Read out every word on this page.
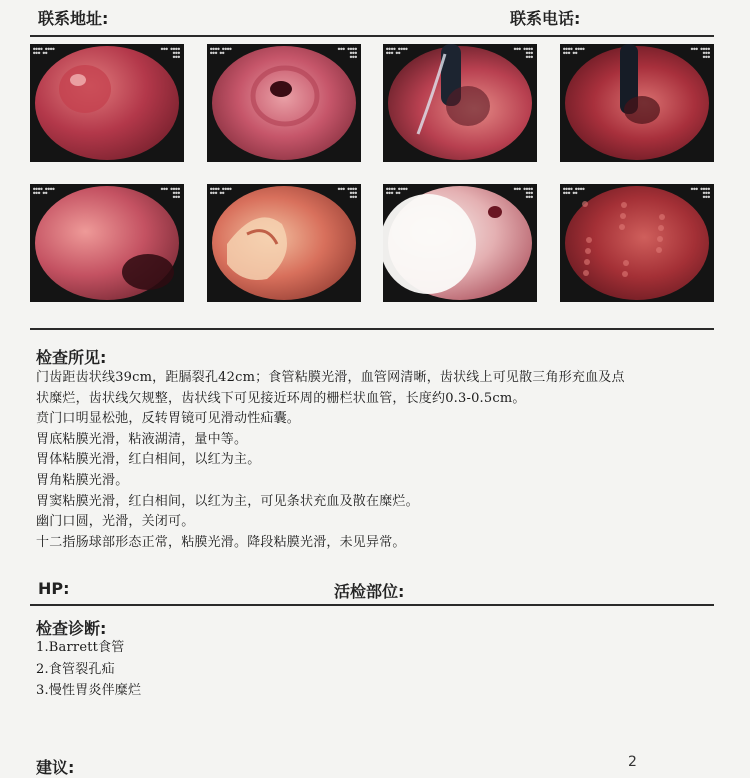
联系地址:	联系电话:
●●●● ●●●●
●●● ●●
●●● ●●●●
●●●
●●●
●●●● ●●●●
●●● ●●
●●● ●●●●
●●●
●●●
●●●● ●●●●
●●● ●●
●●● ●●●●
●●●
●●●
●●●● ●●●●
●●● ●●
●●● ●●●●
●●●
●●●
●●●● ●●●●
●●● ●●
●●● ●●●●
●●●
●●●
●●●● ●●●●
●●● ●●
●●● ●●●●
●●●
●●●
●●●● ●●●●
●●● ●●
●●● ●●●●
●●●
●●●
●●●● ●●●●
●●● ●●
●●● ●●●●
●●●
●●●
检查所见:
门齿距齿状线39cm，距膈裂孔42cm；食管粘膜光滑，血管网清晰，齿状线上可见散三角形充血及点
状糜烂，齿状线欠规整，齿状线下可见接近环周的栅栏状血管，长度约0.3-0.5cm。
贲门口明显松弛，反转胃镜可见滑动性疝囊。
胃底粘膜光滑，粘液湖清，量中等。
胃体粘膜光滑，红白相间，以红为主。
胃角粘膜光滑。
胃窦粘膜光滑，红白相间，以红为主，可见条状充血及散在糜烂。
幽门口圆，光滑，关闭可。
十二指肠球部形态正常，粘膜光滑。降段粘膜光滑，未见异常。
HP:	活检部位:
检查诊断:
1.Barrett食管
2.食管裂孔疝
3.慢性胃炎伴糜烂
建议:	2
